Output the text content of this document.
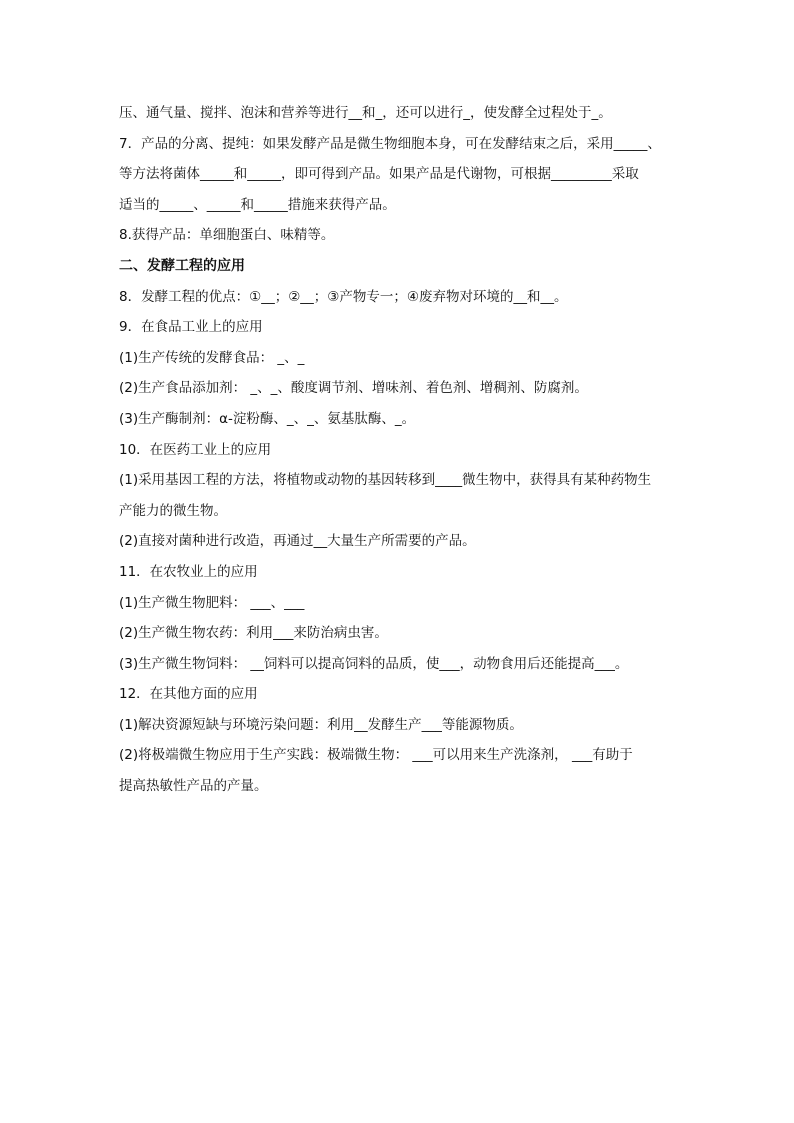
压、通气量、搅拌、泡沫和营养等进行__和_，还可以进行_，使发酵全过程处于_。
7．产品的分离、提纯：如果发酵产品是微生物细胞本身，可在发酵结束之后，采用_____、
等方法将菌体_____和_____，即可得到产品。如果产品是代谢物，可根据_________采取
适当的_____、_____和_____措施来获得产品。
8.获得产品：单细胞蛋白、味精等。
二、发酵工程的应用
8．发酵工程的优点：①__；②__；③产物专一；④废弃物对环境的__和__。
9．在食品工业上的应用
(1)生产传统的发酵食品： _、_
(2)生产食品添加剂： _、_、酸度调节剂、增味剂、着色剂、增稠剂、防腐剂。
(3)生产酶制剂：α-淀粉酶、_、_、氨基肽酶、_。
10．在医药工业上的应用
(1)采用基因工程的方法，将植物或动物的基因转移到____微生物中，获得具有某种药物生
产能力的微生物。
(2)直接对菌种进行改造，再通过__大量生产所需要的产品。
11．在农牧业上的应用
(1)生产微生物肥料： ___、___
(2)生产微生物农药：利用___来防治病虫害。
(3)生产微生物饲料： __饲料可以提高饲料的品质，使___，动物食用后还能提高___。
12．在其他方面的应用
(1)解决资源短缺与环境污染问题：利用__发酵生产___等能源物质。
(2)将极端微生物应用于生产实践：极端微生物： ___可以用来生产洗涤剂， ___有助于
提高热敏性产品的产量。
